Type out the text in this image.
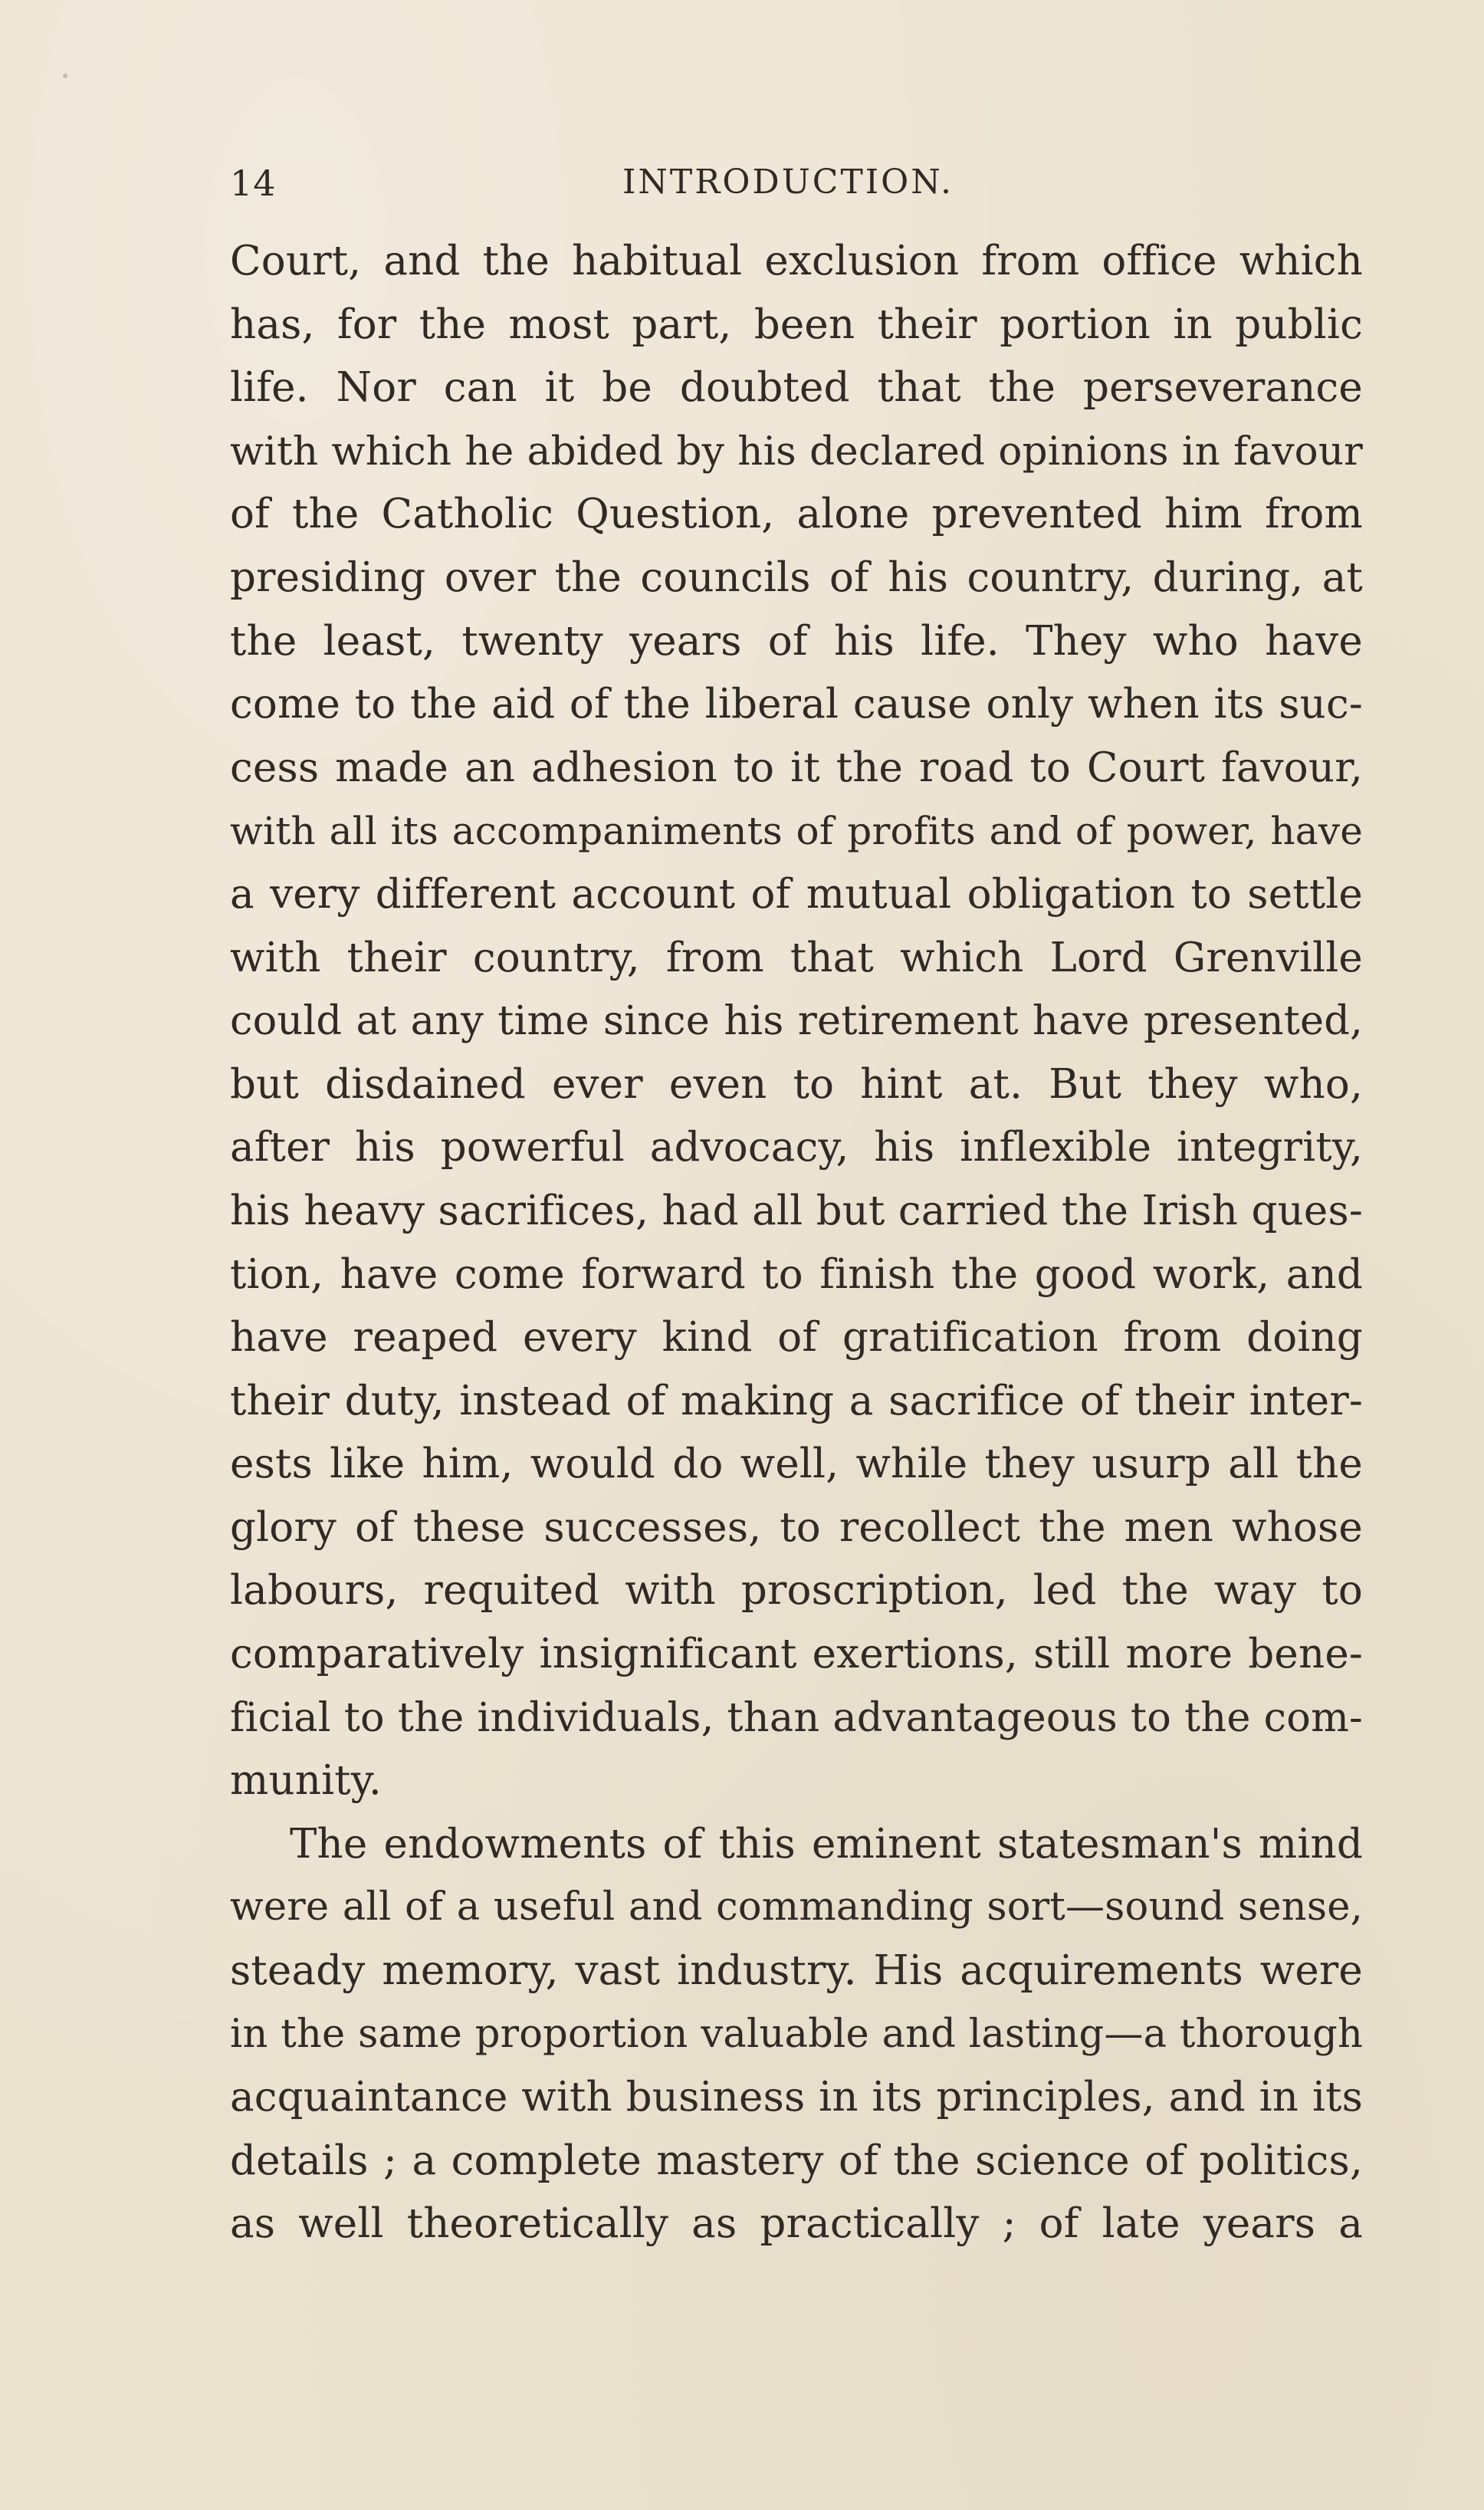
14	INTRODUCTION.
Court, and the habitual exclusion from office which
has, for the most part, been their portion in public
life. Nor can it be doubted that the perseverance
with which he abided by his declared opinions in favour
of the Catholic Question, alone prevented him from
presiding over the councils of his country, during, at
the least, twenty years of his life. They who have
come to the aid of the liberal cause only when its suc-
cess made an adhesion to it the road to Court favour,
with all its accompaniments of profits and of power, have
a very different account of mutual obligation to settle
with their country, from that which Lord Grenville
could at any time since his retirement have presented,
but disdained ever even to hint at. But they who,
after his powerful advocacy, his inflexible integrity,
his heavy sacrifices, had all but carried the Irish ques-
tion, have come forward to finish the good work, and
have reaped every kind of gratification from doing
their duty, instead of making a sacrifice of their inter-
ests like him, would do well, while they usurp all the
glory of these successes, to recollect the men whose
labours, requited with proscription, led the way to
comparatively insignificant exertions, still more bene-
ficial to the individuals, than advantageous to the com-
munity.
The endowments of this eminent statesman's mind
were all of a useful and commanding sort—sound sense,
steady memory, vast industry. His acquirements were
in the same proportion valuable and lasting—a thorough
acquaintance with business in its principles, and in its
details ; a complete mastery of the science of politics,
as well theoretically as practically ; of late years a
